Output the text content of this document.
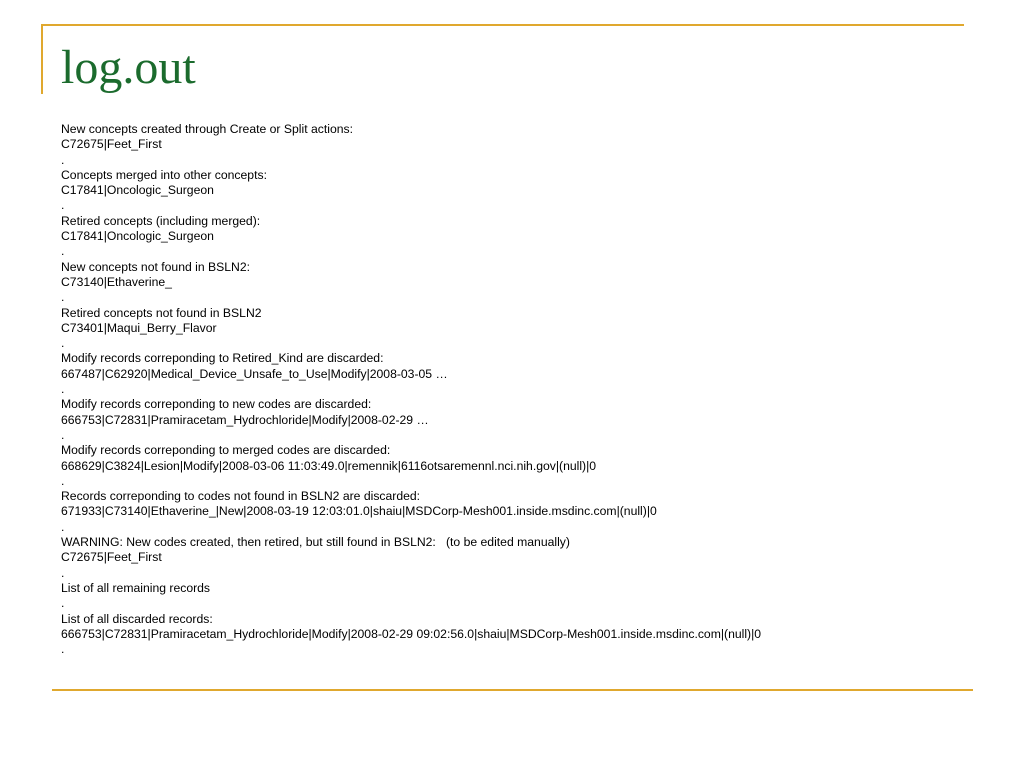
log.out
New concepts created through Create or Split actions:
C72675|Feet_First
.
Concepts merged into other concepts:
C17841|Oncologic_Surgeon
.
Retired concepts (including merged):
C17841|Oncologic_Surgeon
.
New concepts not found in BSLN2:
C73140|Ethaverine_
.
Retired concepts not found in BSLN2
C73401|Maqui_Berry_Flavor
.
Modify records correponding to Retired_Kind are discarded:
667487|C62920|Medical_Device_Unsafe_to_Use|Modify|2008-03-05 …
.
Modify records correponding to new codes are discarded:
666753|C72831|Pramiracetam_Hydrochloride|Modify|2008-02-29 …
.
Modify records correponding to merged codes are discarded:
668629|C3824|Lesion|Modify|2008-03-06 11:03:49.0|remennik|6116otsaremennl.nci.nih.gov|(null)|0
.
Records correponding to codes not found in BSLN2 are discarded:
671933|C73140|Ethaverine_|New|2008-03-19 12:03:01.0|shaiu|MSDCorp-Mesh001.inside.msdinc.com|(null)|0
.
WARNING: New codes created, then retired, but still found in BSLN2:   (to be edited manually)
C72675|Feet_First
.
List of all remaining records
.
List of all discarded records:
666753|C72831|Pramiracetam_Hydrochloride|Modify|2008-02-29 09:02:56.0|shaiu|MSDCorp-Mesh001.inside.msdinc.com|(null)|0
.
